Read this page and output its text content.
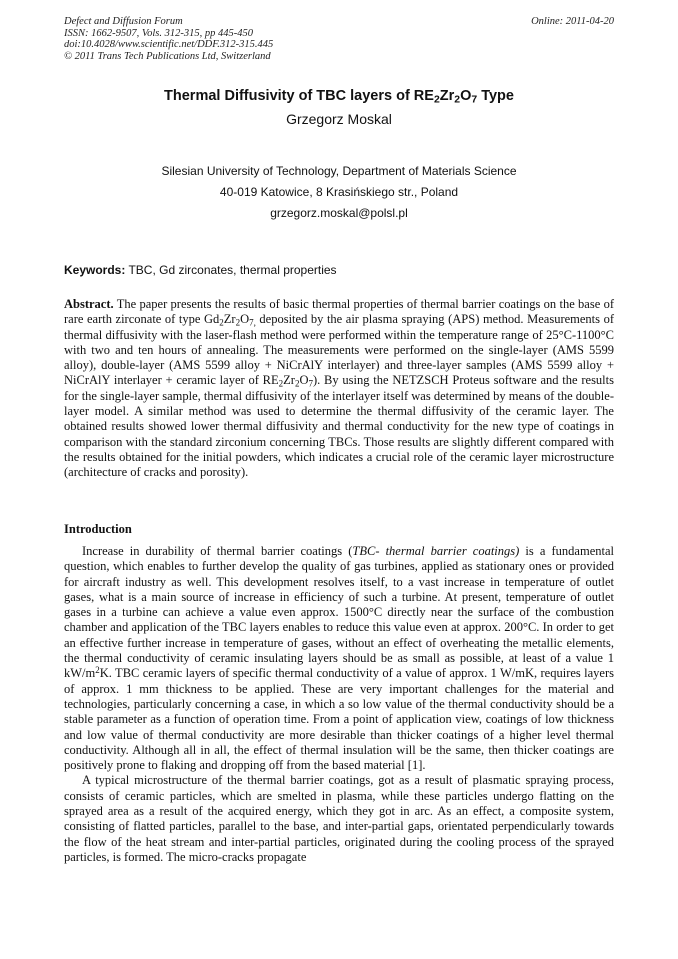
Defect and Diffusion Forum
ISSN: 1662-9507, Vols. 312-315, pp 445-450
doi:10.4028/www.scientific.net/DDF.312-315.445
© 2011 Trans Tech Publications Ltd, Switzerland
Online: 2011-04-20
Thermal Diffusivity of TBC layers of $RE_2Zr_2O_7$ Type
Grzegorz Moskal
Silesian University of Technology, Department of Materials Science
40-019 Katowice, 8 Krasińskiego str., Poland
grzegorz.moskal@polsl.pl
Keywords: TBC, Gd zirconates, thermal properties
Abstract. The paper presents the results of basic thermal properties of thermal barrier coatings on the base of rare earth zirconate of type $Gd_2Zr_2O_{7,}$ deposited by the air plasma spraying (APS) method. Measurements of thermal diffusivity with the laser-flash method were performed within the temperature range of 25°C-1100°C with two and ten hours of annealing. The measurements were performed on the single-layer (AMS 5599 alloy), double-layer (AMS 5599 alloy + NiCrAlY interlayer) and three-layer samples (AMS 5599 alloy + NiCrAlY interlayer + ceramic layer of $RE_2Zr_2O_7$). By using the NETZSCH Proteus software and the results for the single-layer sample, thermal diffusivity of the interlayer itself was determined by means of the double-layer model. A similar method was used to determine the thermal diffusivity of the ceramic layer. The obtained results showed lower thermal diffusivity and thermal conductivity for the new type of coatings in comparison with the standard zirconium concerning TBCs. Those results are slightly different compared with the results obtained for the initial powders, which indicates a crucial role of the ceramic layer microstructure (architecture of cracks and porosity).
Introduction

Increase in durability of thermal barrier coatings (TBC- thermal barrier coatings) is a fundamental question, which enables to further develop the quality of gas turbines, applied as stationary ones or provided for aircraft industry as well. This development resolves itself, to a vast increase in temperature of outlet gases, what is a main source of increase in efficiency of such a turbine. At present, temperature of outlet gases in a turbine can achieve a value even approx. 1500°C directly near the surface of the combustion chamber and application of the TBC layers enables to reduce this value even at approx. 200°C. In order to get an effective further increase in temperature of gases, without an effect of overheating the metallic elements, the thermal conductivity of ceramic insulating layers should be as small as possible, at least of a value 1 $kW/m^2K$. TBC ceramic layers of specific thermal conductivity of a value of approx. 1 W/mK, requires layers of approx. 1 mm thickness to be applied. These are very important challenges for the material and technologies, particularly concerning a case, in which a so low value of the thermal conductivity should be a stable parameter as a function of operation time. From a point of application view, coatings of low thickness and low value of thermal conductivity are more desirable than thicker coatings of a higher level thermal conductivity. Although all in all, the effect of thermal insulation will be the same, then thicker coatings are positively prone to flaking and dropping off from the based material [1].

A typical microstructure of the thermal barrier coatings, got as a result of plasmatic spraying process, consists of ceramic particles, which are smelted in plasma, while these particles undergo flatting on the sprayed area as a result of the acquired energy, which they got in arc. As an effect, a composite system, consisting of flatted particles, parallel to the base, and inter-partial gaps, orientated perpendicularly towards the flow of the heat stream and inter-partial particles, originated during the cooling process of the sprayed particles, is formed. The micro-cracks propagate
